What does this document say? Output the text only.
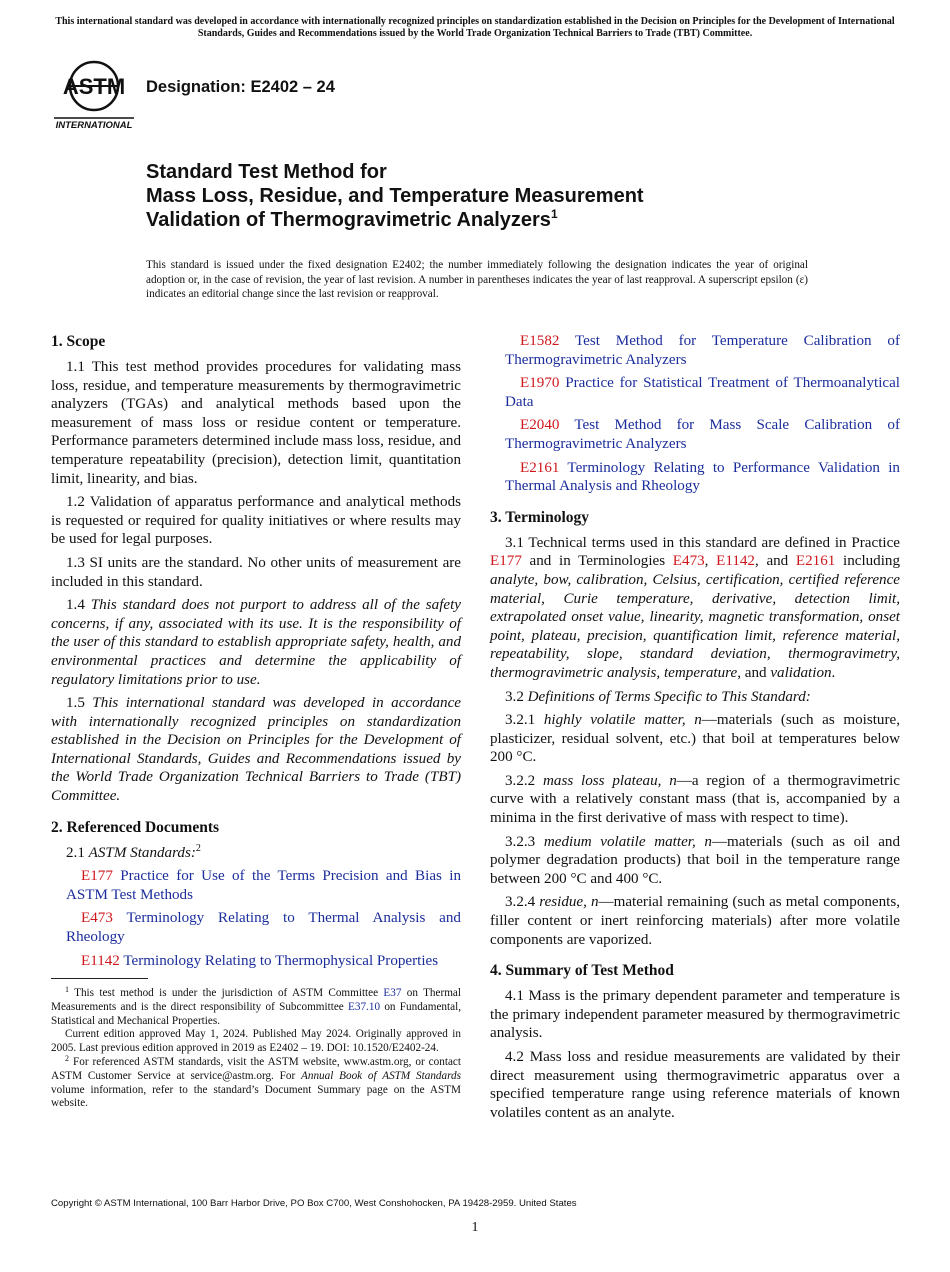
This international standard was developed in accordance with internationally recognized principles on standardization established in the Decision on Principles for the Development of International Standards, Guides and Recommendations issued by the World Trade Organization Technical Barriers to Trade (TBT) Committee.
ASTM
INTERNATIONAL
Designation: E2402 – 24
Standard Test Method for
Mass Loss, Residue, and Temperature Measurement
Validation of Thermogravimetric Analyzers$^1$
This standard is issued under the fixed designation E2402; the number immediately following the designation indicates the year of original adoption or, in the case of revision, the year of last revision. A number in parentheses indicates the year of last reapproval. A superscript epsilon (ε) indicates an editorial change since the last revision or reapproval.
1. Scope

1.1 This test method provides procedures for validating mass loss, residue, and temperature measurements by thermogravimetric analyzers (TGAs) and analytical methods based upon the measurement of mass loss or residue content or temperature. Performance parameters determined include mass loss, residue, and temperature repeatability (precision), detection limit, quantitation limit, linearity, and bias.

1.2 Validation of apparatus performance and analytical methods is requested or required for quality initiatives or where results may be used for legal purposes.

1.3 SI units are the standard. No other units of measurement are included in this standard.

1.4 This standard does not purport to address all of the safety concerns, if any, associated with its use. It is the responsibility of the user of this standard to establish appropriate safety, health, and environmental practices and determine the applicability of regulatory limitations prior to use.

1.5 This international standard was developed in accordance with internationally recognized principles on standardization established in the Decision on Principles for the Development of International Standards, Guides and Recommendations issued by the World Trade Organization Technical Barriers to Trade (TBT) Committee.

2. Referenced Documents

2.1 ASTM Standards:$^2$

E177 Practice for Use of the Terms Precision and Bias in ASTM Test Methods

E473 Terminology Relating to Thermal Analysis and Rheology

E1142 Terminology Relating to Thermophysical Properties

E1582 Test Method for Temperature Calibration of Thermogravimetric Analyzers

E1970 Practice for Statistical Treatment of Thermoanalytical Data

E2040 Test Method for Mass Scale Calibration of Thermogravimetric Analyzers

E2161 Terminology Relating to Performance Validation in Thermal Analysis and Rheology

3. Terminology

3.1 Technical terms used in this standard are defined in Practice E177 and in Terminologies E473, E1142, and E2161 including analyte, bow, calibration, Celsius, certification, certified reference material, Curie temperature, derivative, detection limit, extrapolated onset value, linearity, magnetic transformation, onset point, plateau, precision, quantification limit, reference material, repeatability, slope, standard deviation, thermogravimetry, thermogravimetric analysis, temperature, and validation.

3.2 Definitions of Terms Specific to This Standard:

3.2.1 highly volatile matter, n—materials (such as moisture, plasticizer, residual solvent, etc.) that boil at temperatures below 200 °C.

3.2.2 mass loss plateau, n—a region of a thermogravimetric curve with a relatively constant mass (that is, accompanied by a minima in the first derivative of mass with respect to time).

3.2.3 medium volatile matter, n—materials (such as oil and polymer degradation products) that boil in the temperature range between 200 °C and 400 °C.

3.2.4 residue, n—material remaining (such as metal components, filler content or inert reinforcing materials) after more volatile components are vaporized.

4. Summary of Test Method

4.1 Mass is the primary dependent parameter and temperature is the primary independent parameter measured by thermogravimetric analysis.

4.2 Mass loss and residue measurements are validated by their direct measurement using thermogravimetric apparatus over a specified temperature range using reference materials of known volatiles content as an analyte.

$^1$ This test method is under the jurisdiction of ASTM Committee E37 on Thermal Measurements and is the direct responsibility of Subcommittee E37.10 on Fundamental, Statistical and Mechanical Properties.

Current edition approved May 1, 2024. Published May 2024. Originally approved in 2005. Last previous edition approved in 2019 as E2402 – 19. DOI: 10.1520/E2402-24.

$^2$ For referenced ASTM standards, visit the ASTM website, www.astm.org, or contact ASTM Customer Service at service@astm.org. For Annual Book of ASTM Standards volume information, refer to the standard’s Document Summary page on the ASTM website.

Copyright © ASTM International, 100 Barr Harbor Drive, PO Box C700, West Conshohocken, PA 19428-2959. United States
1
